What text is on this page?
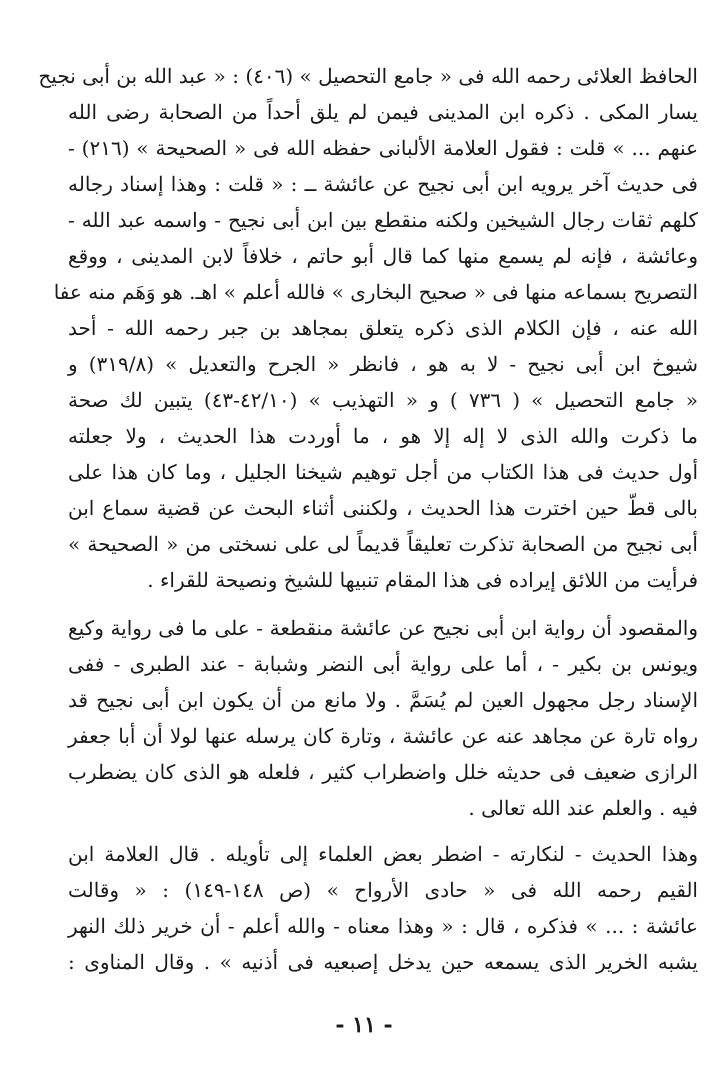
الحافظ العلائى رحمه الله فى « جامع التحصيل » (٤٠٦) : « عبد الله بن أبى نجيح
يسار المكى . ذكره ابن المدينى فيمن لم يلق أحداً من الصحابة رضى الله
عنهم ... » قلت : فقول العلامة الألبانى حفظه الله فى « الصحيحة » (٢١٦) -
فى حديث آخر يرويه ابن أبى نجيح عن عائشة ــ : « قلت : وهذا إسناد رجاله
كلهم ثقات رجال الشيخين ولكنه منقطع بين ابن أبى نجيح - واسمه عبد الله -
وعائشة ، فإنه لم يسمع منها كما قال أبو حاتم ، خلافاً لابن المدينى ، ووقع
التصريح بسماعه منها فى « صحيح البخارى » فالله أعلم » اهـ. هو وَهَم منه عفا
الله عنه ، فإن الكلام الذى ذكره يتعلق بمجاهد بن جبر رحمه الله - أحد
شيوخ ابن أبى نجيح - لا به هو ، فانظر « الجرح والتعديل » (٣١٩/٨) و
« جامع التحصيل » ( ٧٣٦ ) و « التهذيب » (٤٢/١٠-٤٣) يتبين لك صحة
ما ذكرت والله الذى لا إله إلا هو ، ما أوردت هذا الحديث ، ولا جعلته
أول حديث فى هذا الكتاب من أجل توهيم شيخنا الجليل ، وما كان هذا على
بالى قطّ حين اخترت هذا الحديث ، ولكننى أثناء البحث عن قضية سماع ابن
أبى نجيح من الصحابة تذكرت تعليقاً قديماً لى على نسختى من « الصحيحة »
فرأيت من اللائق إيراده فى هذا المقام تنبيها للشيخ ونصيحة للقراء .
والمقصود أن رواية ابن أبى نجيح عن عائشة منقطعة - على ما فى رواية وكيع
ويونس بن بكير - ، أما على رواية أبى النضر وشبابة - عند الطبرى - ففى
الإسناد رجل مجهول العين لم يُسَمَّ . ولا مانع من أن يكون ابن أبى نجيح قد
رواه تارة عن مجاهد عنه عن عائشة ، وتارة كان يرسله عنها لولا أن أبا جعفر
الرازى ضعيف فى حديثه خلل واضطراب كثير ، فلعله هو الذى كان يضطرب
فيه . والعلم عند الله تعالى .
وهذا الحديث - لنكارته - اضطر بعض العلماء إلى تأويله . قال العلامة ابن
القيم رحمه الله فى « حادى الأرواح » (ص ١٤٨-١٤٩) : « وقالت
عائشة : ... » فذكره ، قال : « وهذا معناه - والله أعلم - أن خرير ذلك النهر
يشبه الخرير الذى يسمعه حين يدخل إصبعيه فى أذنيه » . وقال المناوى :
- ١١ -
